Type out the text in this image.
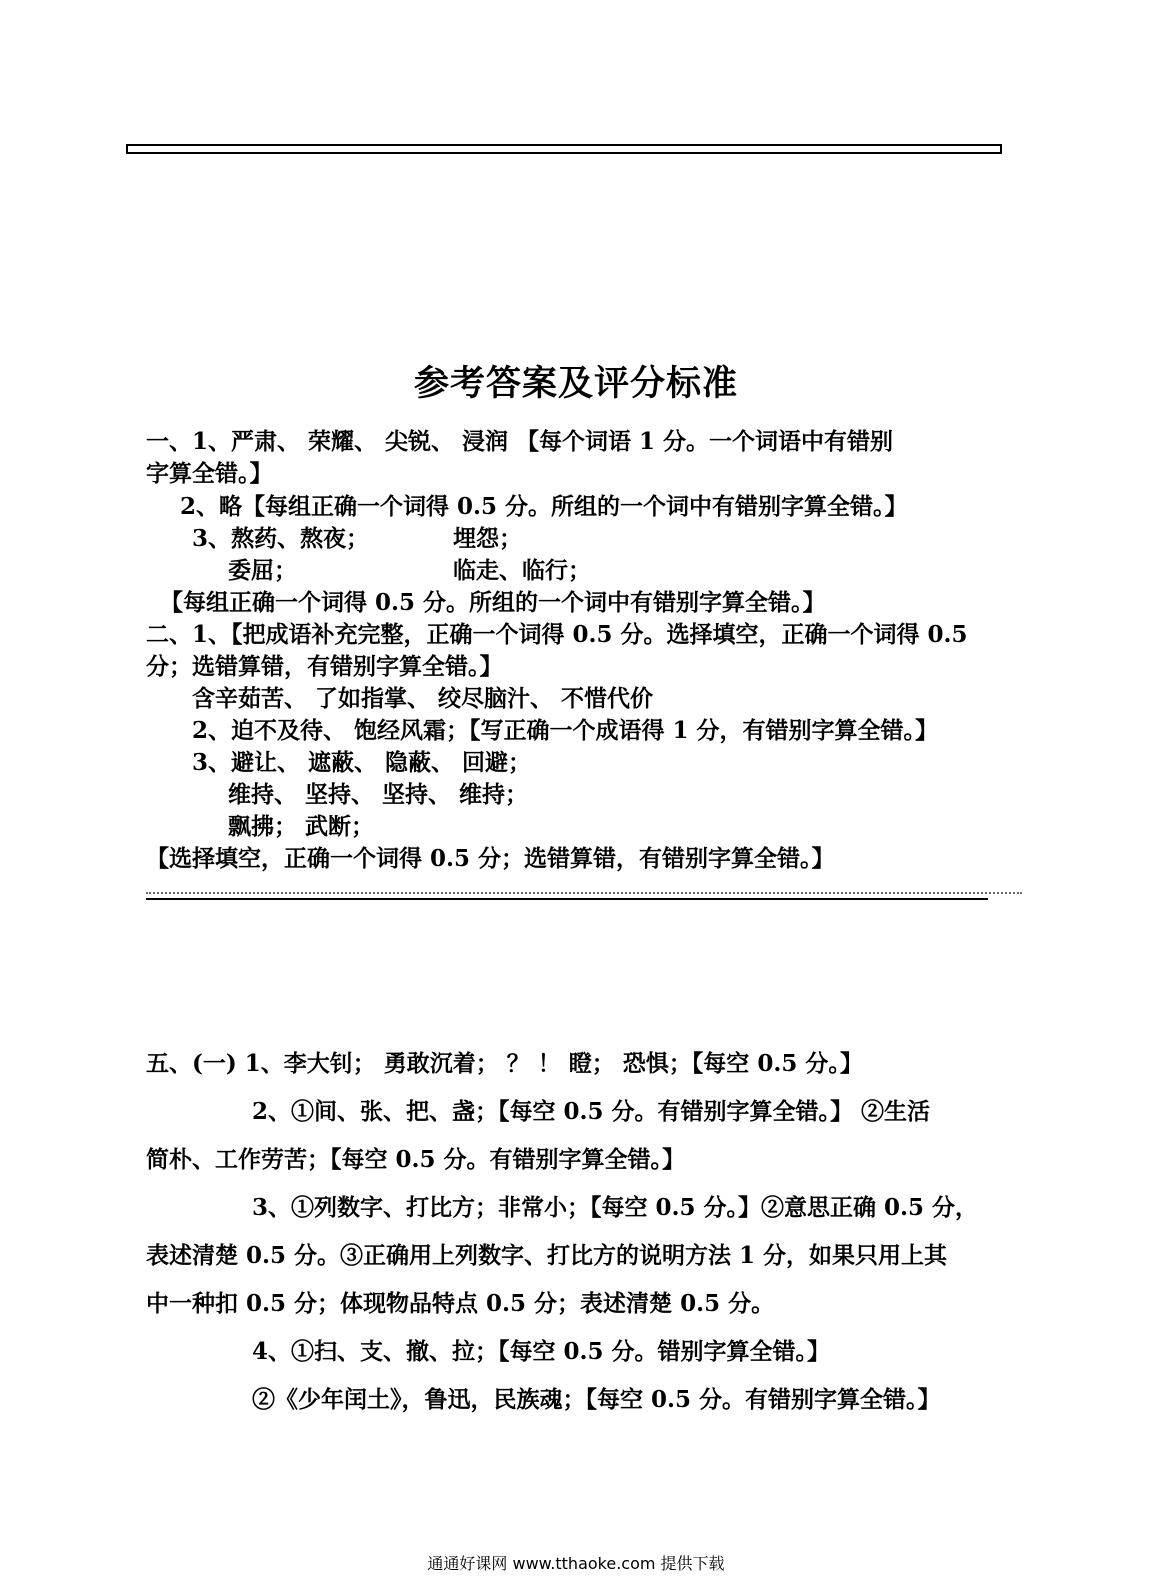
参考答案及评分标准
一、1、严肃、 荣耀、 尖锐、 浸润 【每个词语 1 分。一个词语中有错别
字算全错。】
2、略【每组正确一个词得 0.5 分。所组的一个词中有错别字算全错。】
3、熬药、熬夜；	埋怨；
委屈；	临走、临行；
【每组正确一个词得 0.5 分。所组的一个词中有错别字算全错。】
二、1、【把成语补充完整，正确一个词得 0.5 分。选择填空，正确一个词得 0.5
分；选错算错，有错别字算全错。】
含辛茹苦、 了如指掌、 绞尽脑汁、 不惜代价
2、迫不及待、 饱经风霜；【写正确一个成语得 1 分，有错别字算全错。】
3、避让、 遮蔽、 隐蔽、 回避；
维持、 坚持、 坚持、 维持；
飘拂； 武断；
【选择填空，正确一个词得 0.5 分；选错算错，有错别字算全错。】
五、(一) 1、李大钊； 勇敢沉着； ？ ！ 瞪； 恐惧；【每空 0.5 分。】
2、①间、张、把、盏；【每空 0.5 分。有错别字算全错。】 ②生活
简朴、工作劳苦；【每空 0.5 分。有错别字算全错。】
3、①列数字、打比方；非常小；【每空 0.5 分。】②意思正确 0.5 分，
表述清楚 0.5 分。③正确用上列数字、打比方的说明方法 1 分，如果只用上其
中一种扣 0.5 分；体现物品特点 0.5 分；表述清楚 0.5 分。
4、①扫、支、撤、拉；【每空 0.5 分。错别字算全错。】
②《少年闰土》，鲁迅，民族魂；【每空 0.5 分。有错别字算全错。】
通通好课网 www.tthaoke.com 提供下载
